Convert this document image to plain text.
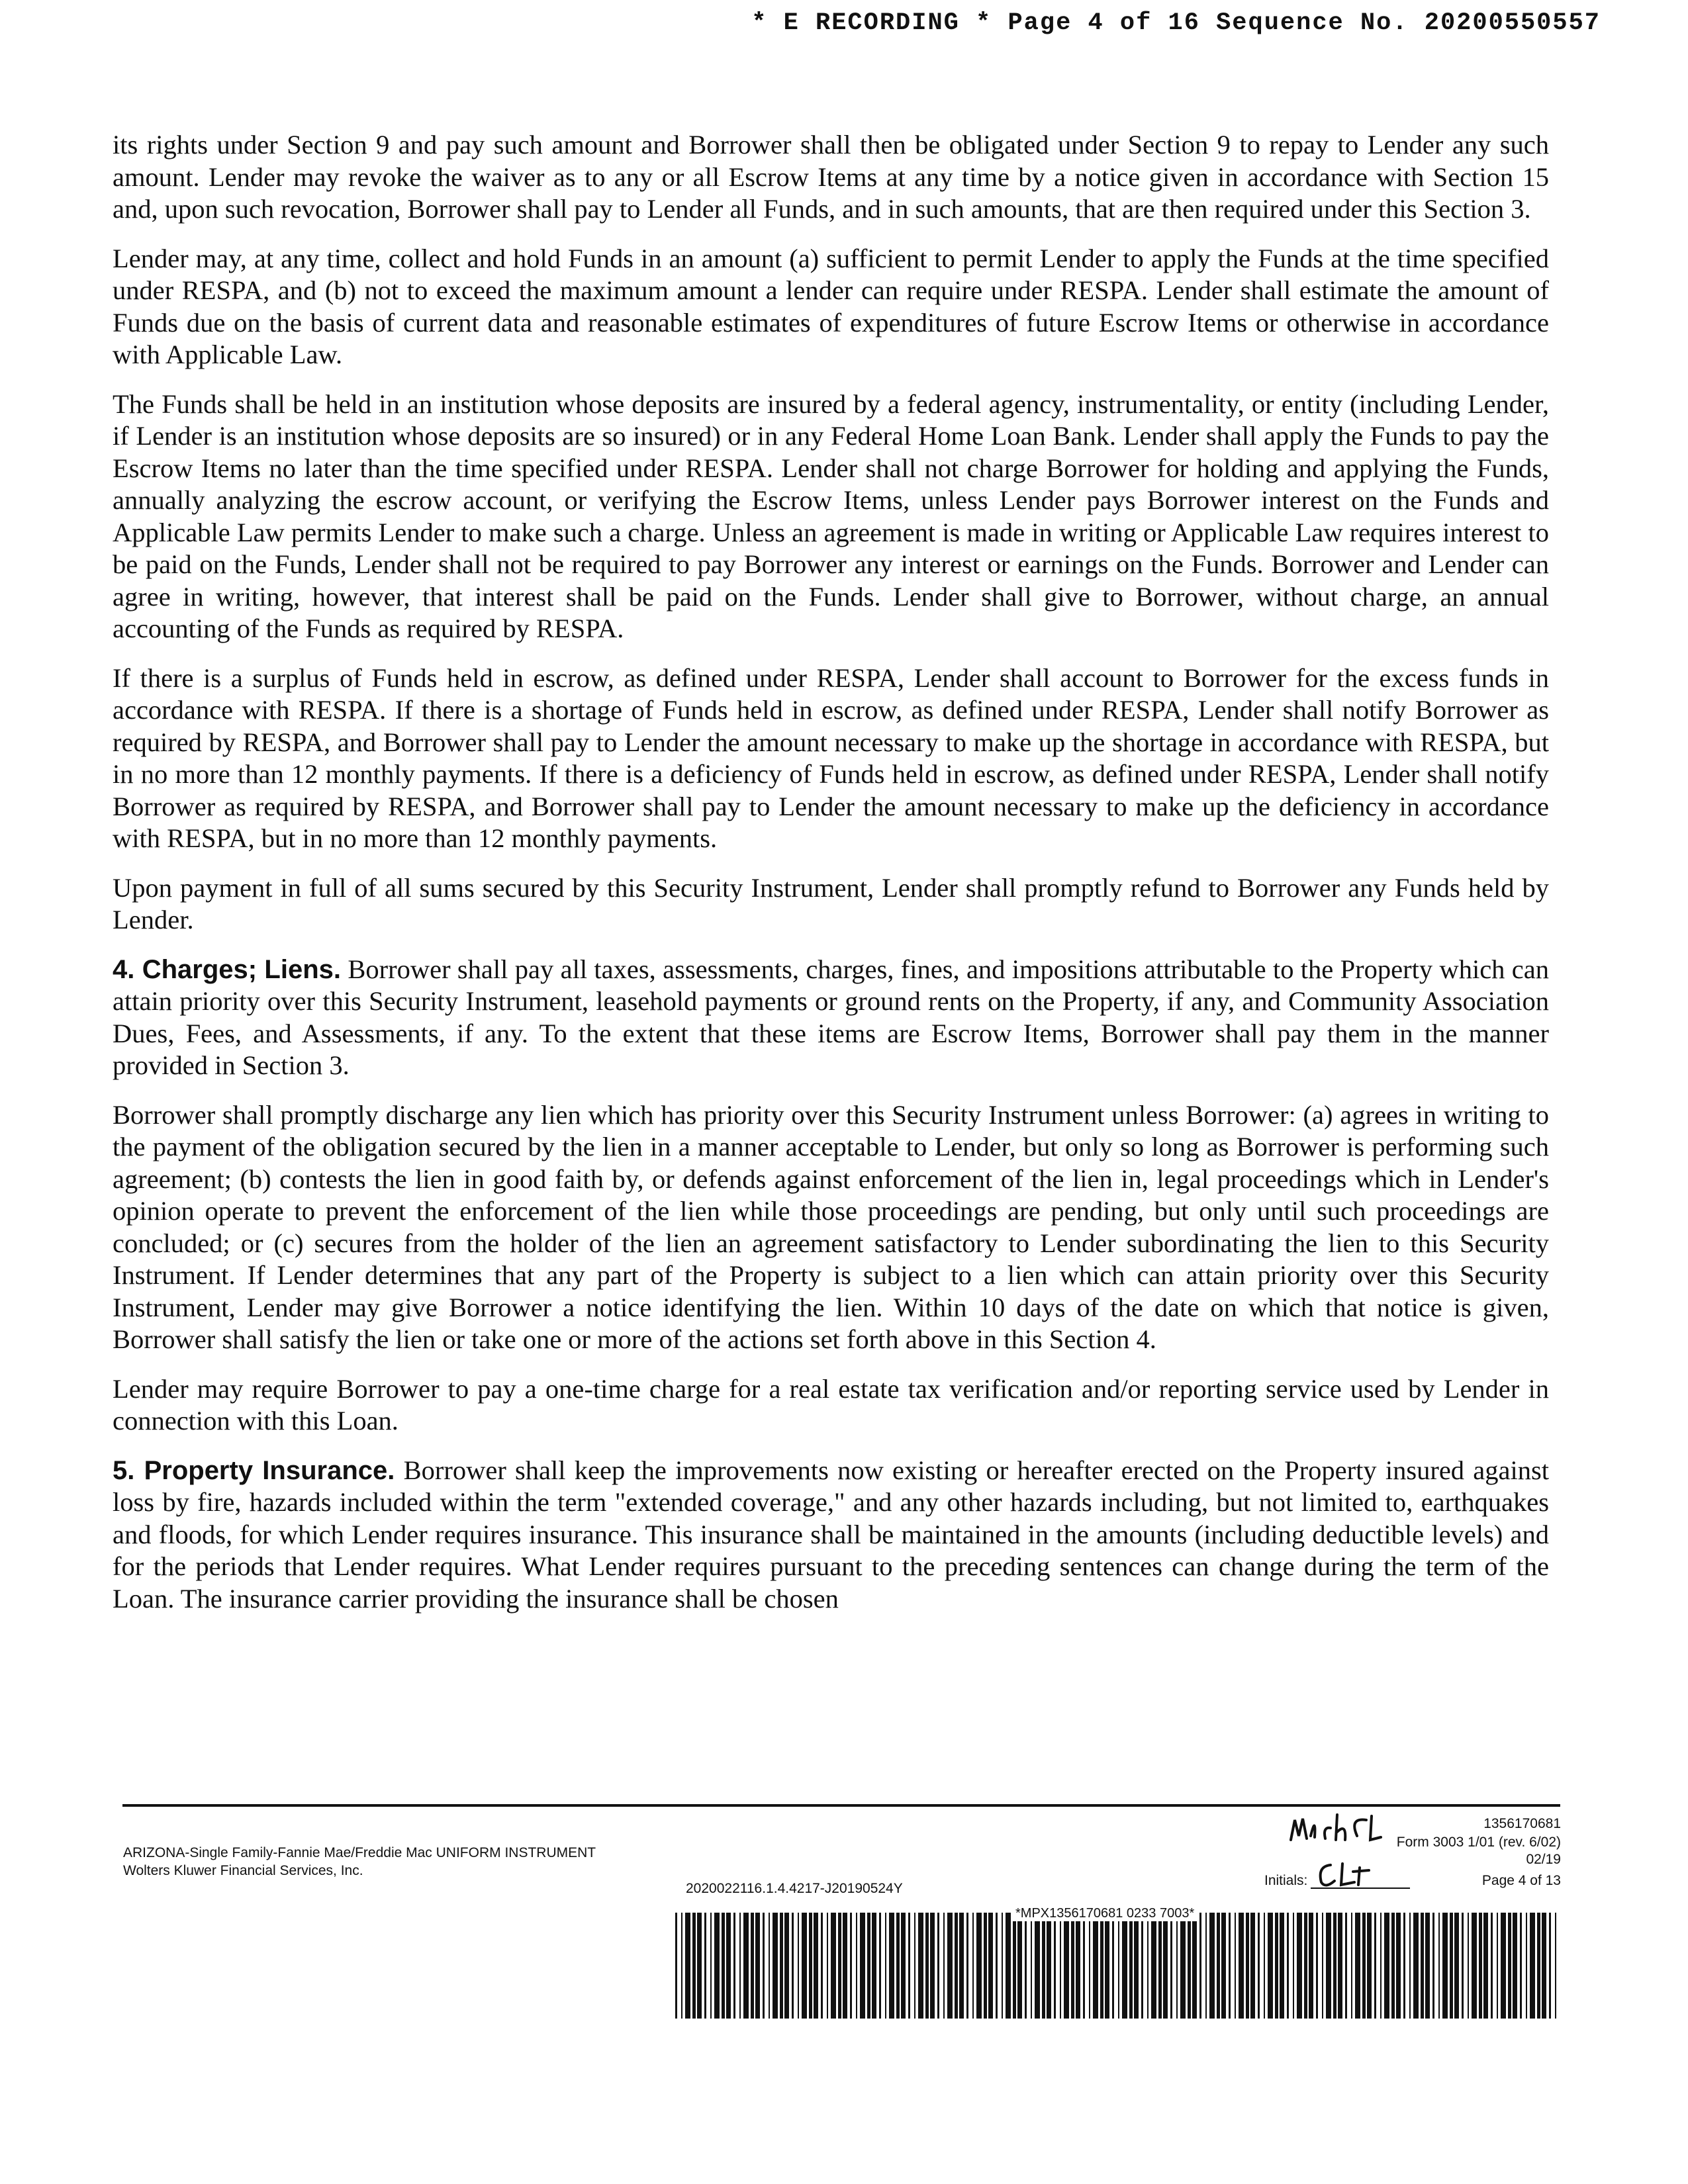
* E RECORDING * Page 4 of 16 Sequence No. 20200550557

its rights under Section 9 and pay such amount and Borrower shall then be obligated under Section 9 to repay to Lender any such amount. Lender may revoke the waiver as to any or all Escrow Items at any time by a notice given in accordance with Section 15 and, upon such revocation, Borrower shall pay to Lender all Funds, and in such amounts, that are then required under this Section 3.

Lender may, at any time, collect and hold Funds in an amount (a) sufficient to permit Lender to apply the Funds at the time specified under RESPA, and (b) not to exceed the maximum amount a lender can require under RESPA. Lender shall estimate the amount of Funds due on the basis of current data and reasonable estimates of expenditures of future Escrow Items or otherwise in accordance with Applicable Law.

The Funds shall be held in an institution whose deposits are insured by a federal agency, instrumentality, or entity (including Lender, if Lender is an institution whose deposits are so insured) or in any Federal Home Loan Bank. Lender shall apply the Funds to pay the Escrow Items no later than the time specified under RESPA. Lender shall not charge Borrower for holding and applying the Funds, annually analyzing the escrow account, or verifying the Escrow Items, unless Lender pays Borrower interest on the Funds and Applicable Law permits Lender to make such a charge. Unless an agreement is made in writing or Applicable Law requires interest to be paid on the Funds, Lender shall not be required to pay Borrower any interest or earnings on the Funds. Borrower and Lender can agree in writing, however, that interest shall be paid on the Funds. Lender shall give to Borrower, without charge, an annual accounting of the Funds as required by RESPA.

If there is a surplus of Funds held in escrow, as defined under RESPA, Lender shall account to Borrower for the excess funds in accordance with RESPA. If there is a shortage of Funds held in escrow, as defined under RESPA, Lender shall notify Borrower as required by RESPA, and Borrower shall pay to Lender the amount necessary to make up the shortage in accordance with RESPA, but in no more than 12 monthly payments. If there is a deficiency of Funds held in escrow, as defined under RESPA, Lender shall notify Borrower as required by RESPA, and Borrower shall pay to Lender the amount necessary to make up the deficiency in accordance with RESPA, but in no more than 12 monthly payments.

Upon payment in full of all sums secured by this Security Instrument, Lender shall promptly refund to Borrower any Funds held by Lender.

4. Charges; Liens. Borrower shall pay all taxes, assessments, charges, fines, and impositions attributable to the Property which can attain priority over this Security Instrument, leasehold payments or ground rents on the Property, if any, and Community Association Dues, Fees, and Assessments, if any. To the extent that these items are Escrow Items, Borrower shall pay them in the manner provided in Section 3.

Borrower shall promptly discharge any lien which has priority over this Security Instrument unless Borrower: (a) agrees in writing to the payment of the obligation secured by the lien in a manner acceptable to Lender, but only so long as Borrower is performing such agreement; (b) contests the lien in good faith by, or defends against enforcement of the lien in, legal proceedings which in Lender's opinion operate to prevent the enforcement of the lien while those proceedings are pending, but only until such proceedings are concluded; or (c) secures from the holder of the lien an agreement satisfactory to Lender subordinating the lien to this Security Instrument. If Lender determines that any part of the Property is subject to a lien which can attain priority over this Security Instrument, Lender may give Borrower a notice identifying the lien. Within 10 days of the date on which that notice is given, Borrower shall satisfy the lien or take one or more of the actions set forth above in this Section 4.

Lender may require Borrower to pay a one-time charge for a real estate tax verification and/or reporting service used by Lender in connection with this Loan.

5. Property Insurance. Borrower shall keep the improvements now existing or hereafter erected on the Property insured against loss by fire, hazards included within the term "extended coverage," and any other hazards including, but not limited to, earthquakes and floods, for which Lender requires insurance. This insurance shall be maintained in the amounts (including deductible levels) and for the periods that Lender requires. What Lender requires pursuant to the preceding sentences can change during the term of the Loan. The insurance carrier providing the insurance shall be chosen

ARIZONA-Single Family-Fannie Mae/Freddie Mac UNIFORM INSTRUMENT
Wolters Kluwer Financial Services, Inc.
2020022116.1.4.4217-J20190524Y
1356170681
Form 3003 1/01 (rev. 6/02)
02/19
Initials:	Page 4 of 13
*MPX1356170681 0233 7003*
